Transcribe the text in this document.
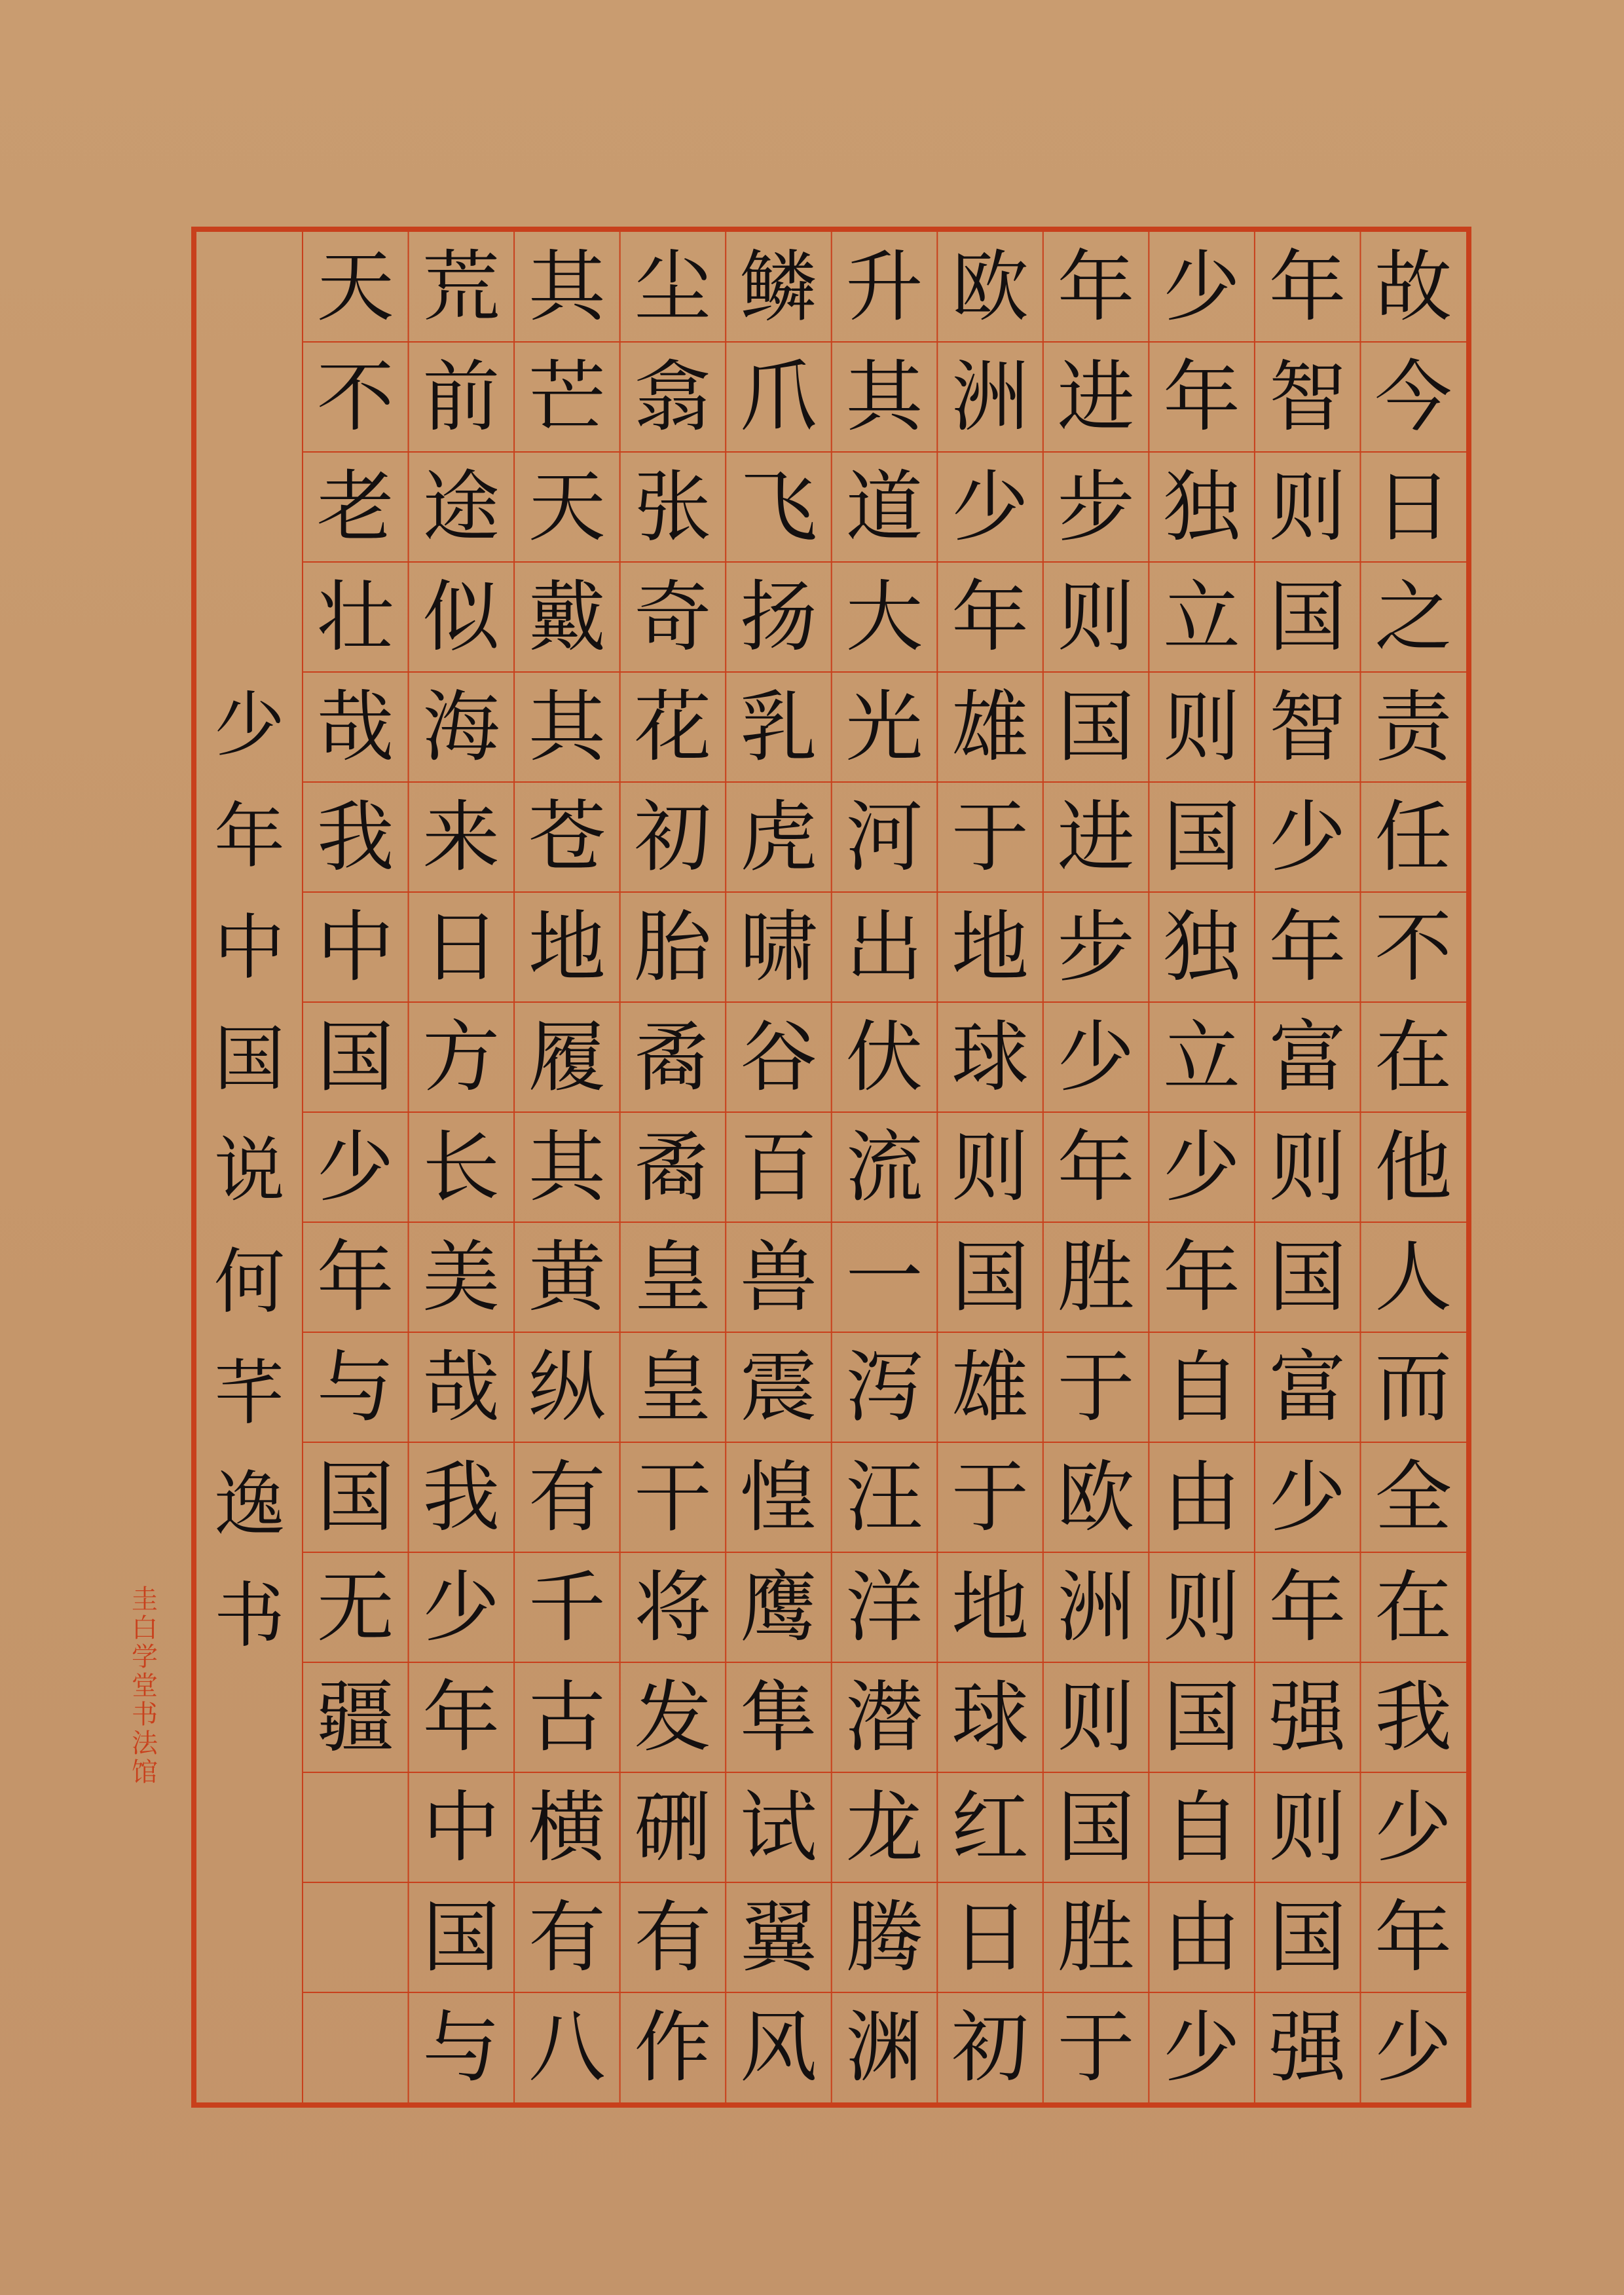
故
今
日
之
责
任
不
在
他
人
而
全
在
我
少
年
少
年
智
则
国
智
少
年
富
则
国
富
少
年
强
则
国
强
少
年
独
立
则
国
独
立
少
年
自
由
则
国
自
由
少
年
进
步
则
国
进
步
少
年
胜
于
欧
洲
则
国
胜
于
欧
洲
少
年
雄
于
地
球
则
国
雄
于
地
球
红
日
初
升
其
道
大
光
河
出
伏
流
一
泻
汪
洋
潜
龙
腾
渊
鳞
爪
飞
扬
乳
虎
啸
谷
百
兽
震
惶
鹰
隼
试
翼
风
尘
翕
张
奇
花
初
胎
矞
矞
皇
皇
干
将
发
硎
有
作
其
芒
天
戴
其
苍
地
履
其
黄
纵
有
千
古
横
有
八
荒
前
途
似
海
来
日
方
长
美
哉
我
少
年
中
国
与
天
不
老
壮
哉
我
中
国
少
年
与
国
无
疆
少
年
中
国
说
何
芊
逸
书
圭
白
学
堂
书
法
馆
